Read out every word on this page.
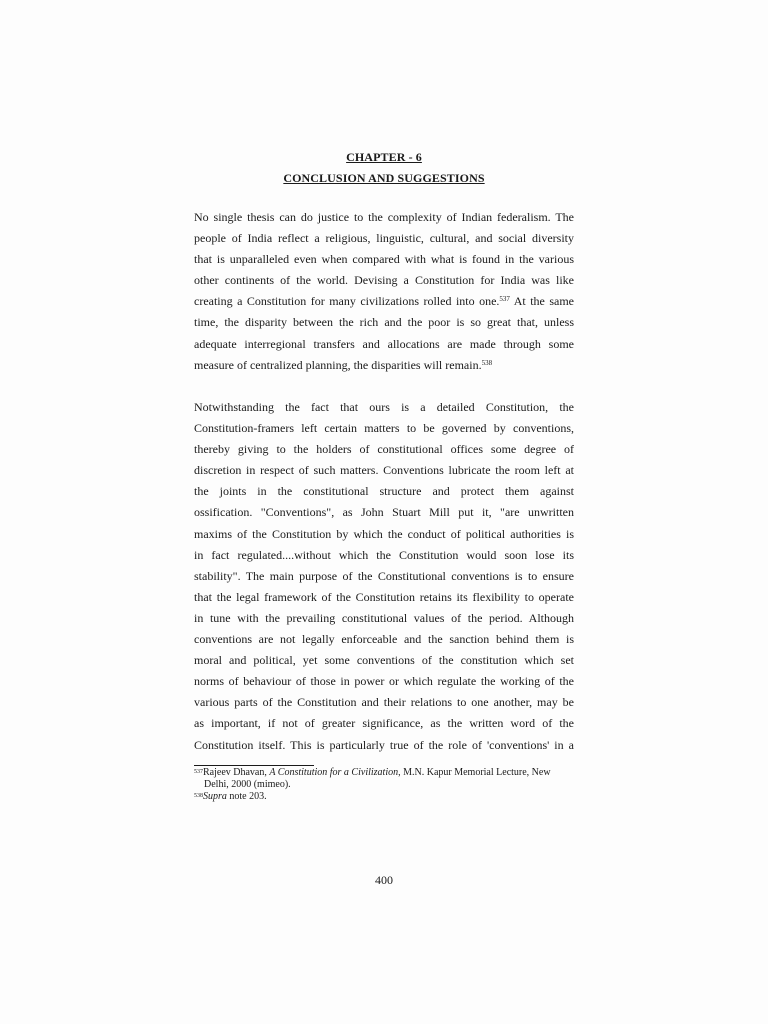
CHAPTER - 6
CONCLUSION AND SUGGESTIONS
No single thesis can do justice to the complexity of Indian federalism. The
people of India reflect a religious, linguistic, cultural, and social diversity
that is unparalleled even when compared with what is found in the various
other continents of the world. Devising a Constitution for India was like
creating a Constitution for many civilizations rolled into one.$^{537}$ At the same
time, the disparity between the rich and the poor is so great that, unless
adequate interregional transfers and allocations are made through some
measure of centralized planning, the disparities will remain.$^{538}$
Notwithstanding the fact that ours is a detailed Constitution, the
Constitution-framers left certain matters to be governed by conventions,
thereby giving to the holders of constitutional offices some degree of
discretion in respect of such matters. Conventions lubricate the room left at
the joints in the constitutional structure and protect them against
ossification. "Conventions", as John Stuart Mill put it, "are unwritten
maxims of the Constitution by which the conduct of political authorities is
in fact regulated....without which the Constitution would soon lose its
stability". The main purpose of the Constitutional conventions is to ensure
that the legal framework of the Constitution retains its flexibility to operate
in tune with the prevailing constitutional values of the period. Although
conventions are not legally enforceable and the sanction behind them is
moral and political, yet some conventions of the constitution which set
norms of behaviour of those in power or which regulate the working of the
various parts of the Constitution and their relations to one another, may be
as important, if not of greater significance, as the written word of the
Constitution itself. This is particularly true of the role of 'conventions' in a
$^{537}$Rajeev Dhavan, A Constitution for a Civilization, M.N. Kapur Memorial Lecture, New
Delhi, 2000 (mimeo).
$^{538}$Supra note 203.
400
